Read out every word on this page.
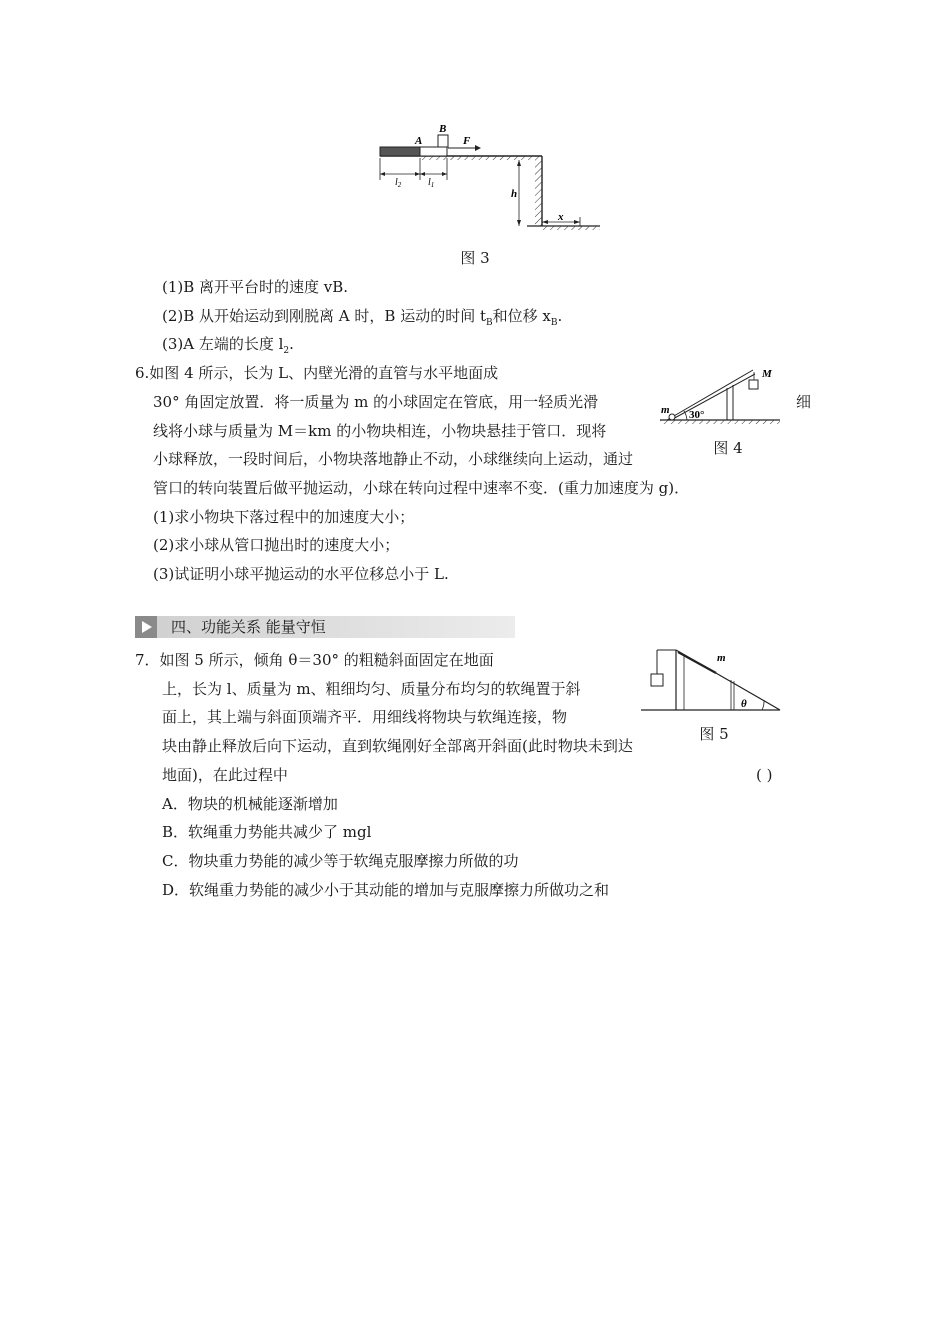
A
B
F
$l_2$	$l_1$
h
x
图 3
(1)B 离开平台时的速度 vB.
(2)B 从开始运动到刚脱离 A 时，B 运动的时间 $t_B$和位移 $x_B$.
(3)A 左端的长度 $l_2$.
6.如图 4 所示，长为 L、内壁光滑的直管与水平地面成
30° 角固定放置．将一质量为 m 的小球固定在管底，用一轻质光滑	细
线将小球与质量为 M＝km 的小物块相连，小物块悬挂于管口．现将
小球释放，一段时间后，小物块落地静止不动，小球继续向上运动，通过
管口的转向装置后做平抛运动，小球在转向过程中速率不变．(重力加速度为 g)．
(1)求小物块下落过程中的加速度大小；
(2)求小球从管口抛出时的速度大小；
(3)试证明小球平抛运动的水平位移总小于 L.
M
m 30°
图 4
四、功能关系 能量守恒
7．如图 5 所示，倾角 θ＝30° 的粗糙斜面固定在地面
上，长为 l、质量为 m、粗细均匀、质量分布均匀的软绳置于斜
面上，其上端与斜面顶端齐平．用细线将物块与软绳连接，物
块由静止释放后向下运动，直到软绳刚好全部离开斜面(此时物块未到达
地面)，在此过程中	( )
A．物块的机械能逐渐增加
B．软绳重力势能共减少了 mgl
C．物块重力势能的减少等于软绳克服摩擦力所做的功
D．软绳重力势能的减少小于其动能的增加与克服摩擦力所做功之和
m
θ
图 5
